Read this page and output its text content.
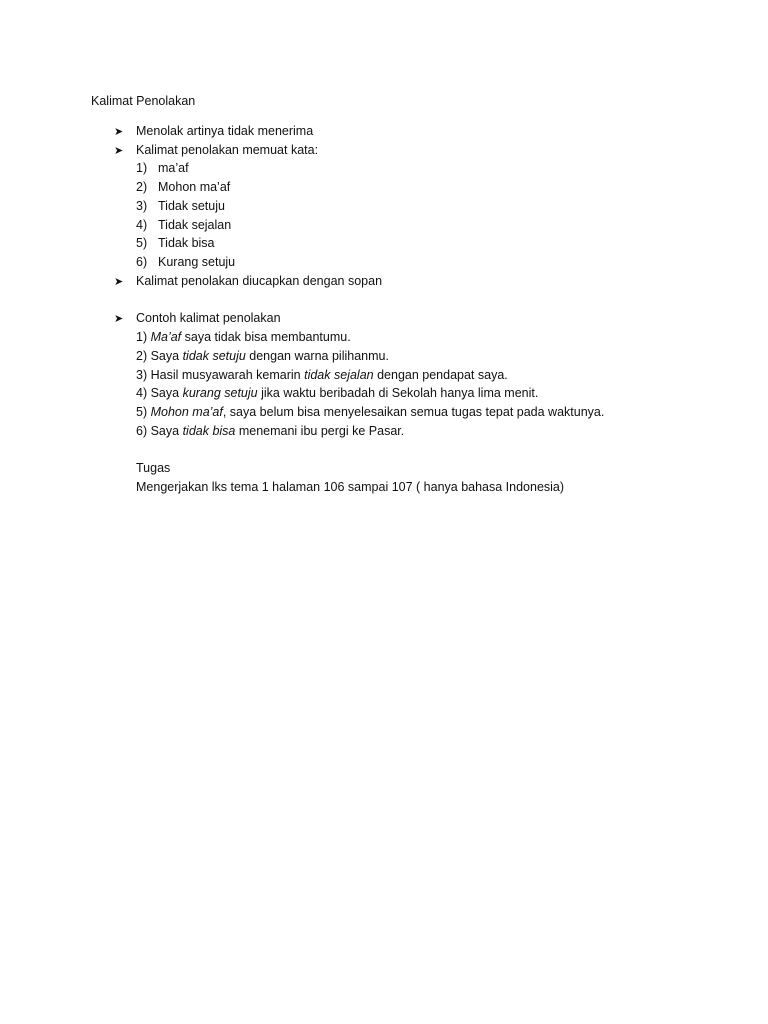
Kalimat Penolakan
➤ Menolak artinya tidak menerima
➤ Kalimat penolakan memuat kata:
1) ma’af
2) Mohon ma’af
3) Tidak setuju
4) Tidak sejalan
5) Tidak bisa
6) Kurang setuju
➤ Kalimat penolakan diucapkan dengan sopan
➤ Contoh kalimat penolakan
1) Ma’af saya tidak bisa membantumu.
2) Saya tidak setuju dengan warna pilihanmu.
3) Hasil musyawarah kemarin tidak sejalan dengan pendapat saya.
4) Saya kurang setuju jika waktu beribadah di Sekolah hanya lima menit.
5) Mohon ma’af, saya belum bisa menyelesaikan semua tugas tepat pada waktunya.
6) Saya tidak bisa menemani ibu pergi ke Pasar.
Tugas
Mengerjakan lks tema 1 halaman 106 sampai 107 ( hanya bahasa Indonesia)
